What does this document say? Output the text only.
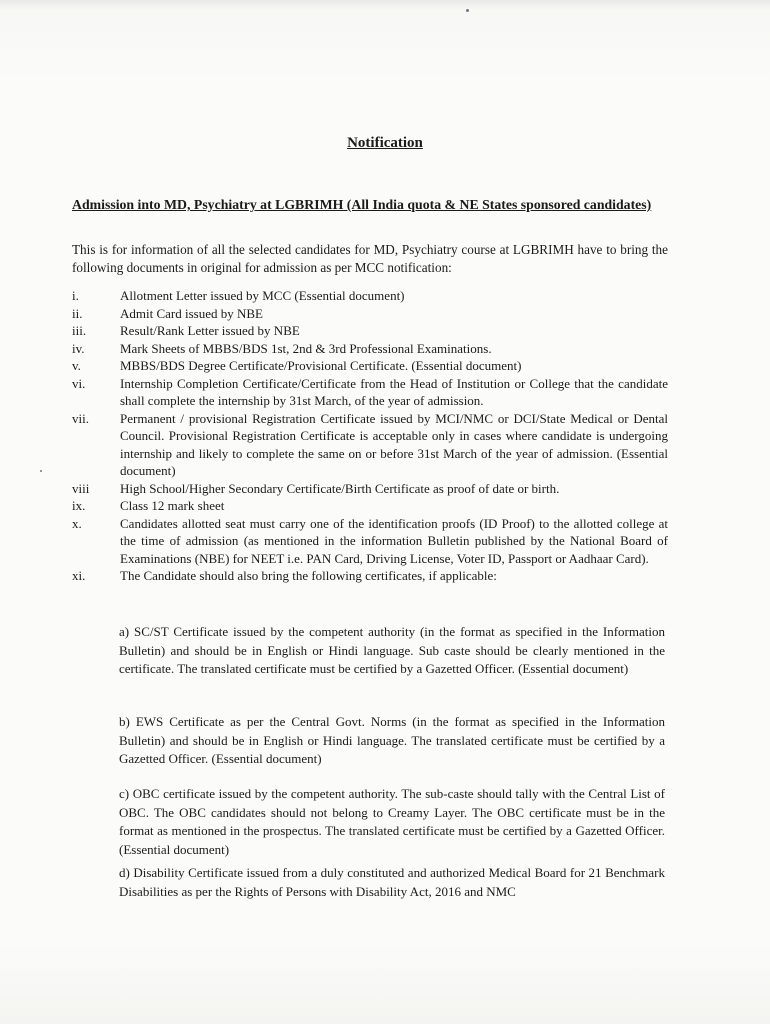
Notification
Admission into MD, Psychiatry at LGBRIMH (All India quota & NE States sponsored candidates)
This is for information of all the selected candidates for MD, Psychiatry course at LGBRIMH have to bring the following documents in original for admission as per MCC notification:
i.	Allotment Letter issued by MCC (Essential document)
ii.	Admit Card issued by NBE
iii.	Result/Rank Letter issued by NBE
iv.	Mark Sheets of MBBS/BDS 1st, 2nd & 3rd Professional Examinations.
v.	MBBS/BDS Degree Certificate/Provisional Certificate. (Essential document)
vi.	Internship Completion Certificate/Certificate from the Head of Institution or College that the candidate shall complete the internship by 31st March, of the year of admission.
vii.	Permanent / provisional Registration Certificate issued by MCI/NMC or DCI/State Medical or Dental Council. Provisional Registration Certificate is acceptable only in cases where candidate is undergoing internship and likely to complete the same on or before 31st March of the year of admission. (Essential document)
viii	High School/Higher Secondary Certificate/Birth Certificate as proof of date or birth.
ix.	Class 12 mark sheet
x.	Candidates allotted seat must carry one of the identification proofs (ID Proof) to the allotted college at the time of admission (as mentioned in the information Bulletin published by the National Board of Examinations (NBE) for NEET i.e. PAN Card, Driving License, Voter ID, Passport or Aadhaar Card).
xi.	The Candidate should also bring the following certificates, if applicable:
a) SC/ST Certificate issued by the competent authority (in the format as specified in the Information Bulletin) and should be in English or Hindi language. Sub caste should be clearly mentioned in the certificate. The translated certificate must be certified by a Gazetted Officer. (Essential document)
b) EWS Certificate as per the Central Govt. Norms (in the format as specified in the Information Bulletin) and should be in English or Hindi language. The translated certificate must be certified by a Gazetted Officer. (Essential document)
c) OBC certificate issued by the competent authority. The sub-caste should tally with the Central List of OBC. The OBC candidates should not belong to Creamy Layer. The OBC certificate must be in the format as mentioned in the prospectus. The translated certificate must be certified by a Gazetted Officer. (Essential document)
d) Disability Certificate issued from a duly constituted and authorized Medical Board for 21 Benchmark Disabilities as per the Rights of Persons with Disability Act, 2016 and NMC
